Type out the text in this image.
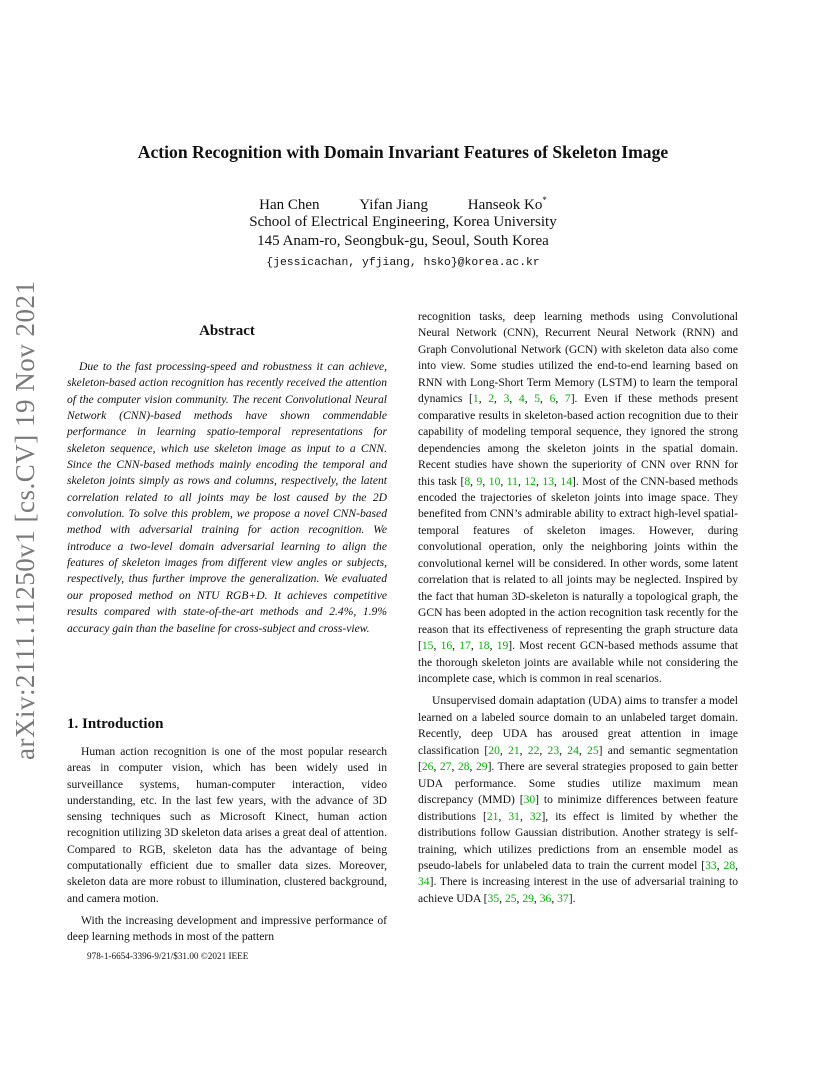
arXiv:2111.11250v1 [cs.CV] 19 Nov 2021
Action Recognition with Domain Invariant Features of Skeleton Image
Han Chen	Yifan Jiang	Hanseok Ko*
School of Electrical Engineering, Korea University
145 Anam-ro, Seongbuk-gu, Seoul, South Korea
{jessicachan, yfjiang, hsko}@korea.ac.kr
Abstract

Due to the fast processing-speed and robustness it can achieve, skeleton-based action recognition has recently received the attention of the computer vision community. The recent Convolutional Neural Network (CNN)-based methods have shown commendable performance in learning spatio-temporal representations for skeleton sequence, which use skeleton image as input to a CNN. Since the CNN-based methods mainly encoding the temporal and skeleton joints simply as rows and columns, respectively, the latent correlation related to all joints may be lost caused by the 2D convolution. To solve this problem, we propose a novel CNN-based method with adversarial training for action recognition. We introduce a two-level domain adversarial learning to align the features of skeleton images from different view angles or subjects, respectively, thus further improve the generalization. We evaluated our proposed method on NTU RGB+D. It achieves competitive results compared with state-of-the-art methods and 2.4%, 1.9% accuracy gain than the baseline for cross-subject and cross-view.

1. Introduction

Human action recognition is one of the most popular research areas in computer vision, which has been widely used in surveillance systems, human-computer interaction, video understanding, etc. In the last few years, with the advance of 3D sensing techniques such as Microsoft Kinect, human action recognition utilizing 3D skeleton data arises a great deal of attention. Compared to RGB, skeleton data has the advantage of being computationally efficient due to smaller data sizes. Moreover, skeleton data are more robust to illumination, clustered background, and camera motion.

With the increasing development and impressive performance of deep learning methods in most of the pattern

recognition tasks, deep learning methods using Convolutional Neural Network (CNN), Recurrent Neural Network (RNN) and Graph Convolutional Network (GCN) with skeleton data also come into view. Some studies utilized the end-to-end learning based on RNN with Long-Short Term Memory (LSTM) to learn the temporal dynamics [1, 2, 3, 4, 5, 6, 7]. Even if these methods present comparative results in skeleton-based action recognition due to their capability of modeling temporal sequence, they ignored the strong dependencies among the skeleton joints in the spatial domain. Recent studies have shown the superiority of CNN over RNN for this task [8, 9, 10, 11, 12, 13, 14]. Most of the CNN-based methods encoded the trajectories of skeleton joints into image space. They benefited from CNN’s admirable ability to extract high-level spatial-temporal features of skeleton images. However, during convolutional operation, only the neighboring joints within the convolutional kernel will be considered. In other words, some latent correlation that is related to all joints may be neglected. Inspired by the fact that human 3D-skeleton is naturally a topological graph, the GCN has been adopted in the action recognition task recently for the reason that its effectiveness of representing the graph structure data [15, 16, 17, 18, 19]. Most recent GCN-based methods assume that the thorough skeleton joints are available while not considering the incomplete case, which is common in real scenarios.

Unsupervised domain adaptation (UDA) aims to transfer a model learned on a labeled source domain to an unlabeled target domain. Recently, deep UDA has aroused great attention in image classification [20, 21, 22, 23, 24, 25] and semantic segmentation [26, 27, 28, 29]. There are several strategies proposed to gain better UDA performance. Some studies utilize maximum mean discrepancy (MMD) [30] to minimize differences between feature distributions [21, 31, 32], its effect is limited by whether the distributions follow Gaussian distribution. Another strategy is self-training, which utilizes predictions from an ensemble model as pseudo-labels for unlabeled data to train the current model [33, 28, 34]. There is increasing interest in the use of adversarial training to achieve UDA [35, 25, 29, 36, 37].

978-1-6654-3396-9/21/$31.00 ©2021 IEEE
